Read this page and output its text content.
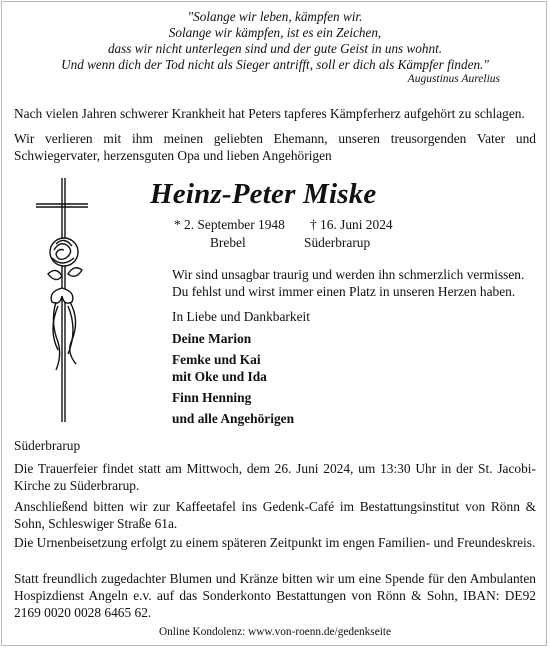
"Solange wir leben, kämpfen wir.
Solange wir kämpfen, ist es ein Zeichen,
dass wir nicht unterlegen sind und der gute Geist in uns wohnt.
Und wenn dich der Tod nicht als Sieger antrifft, soll er dich als Kämpfer finden."
Augustinus Aurelius
Nach vielen Jahren schwerer Krankheit hat Peters tapferes Kämpferherz aufgehört zu schlagen.
Wir verlieren mit ihm meinen geliebten Ehemann, unseren treusorgenden Vater und Schwiegervater, herzensguten Opa und lieben Angehörigen
Heinz-Peter Miske
* 2. September 1948 † 16. Juni 2024
Brebel	Süderbrarup
Wir sind unsagbar traurig und werden ihn schmerzlich vermissen.
Du fehlst und wirst immer einen Platz in unseren Herzen haben.
In Liebe und Dankbarkeit
Deine Marion
Femke und Kai
mit Oke und Ida
Finn Henning
und alle Angehörigen
Süderbrarup
Die Trauerfeier findet statt am Mittwoch, dem 26. Juni 2024, um 13:30 Uhr in der St. Jacobi-Kirche zu Süderbrarup.
Anschließend bitten wir zur Kaffeetafel ins Gedenk-Café im Bestattungsinstitut von Rönn & Sohn, Schleswiger Straße 61a.
Die Urnenbeisetzung erfolgt zu einem späteren Zeitpunkt im engen Familien- und Freundeskreis.
Statt freundlich zugedachter Blumen und Kränze bitten wir um eine Spende für den Ambulanten Hospizdienst Angeln e.v. auf das Sonderkonto Bestattungen von Rönn & Sohn, IBAN: DE92 2169 0020 0028 6465 62.
Online Kondolenz: www.von-roenn.de/gedenkseite
